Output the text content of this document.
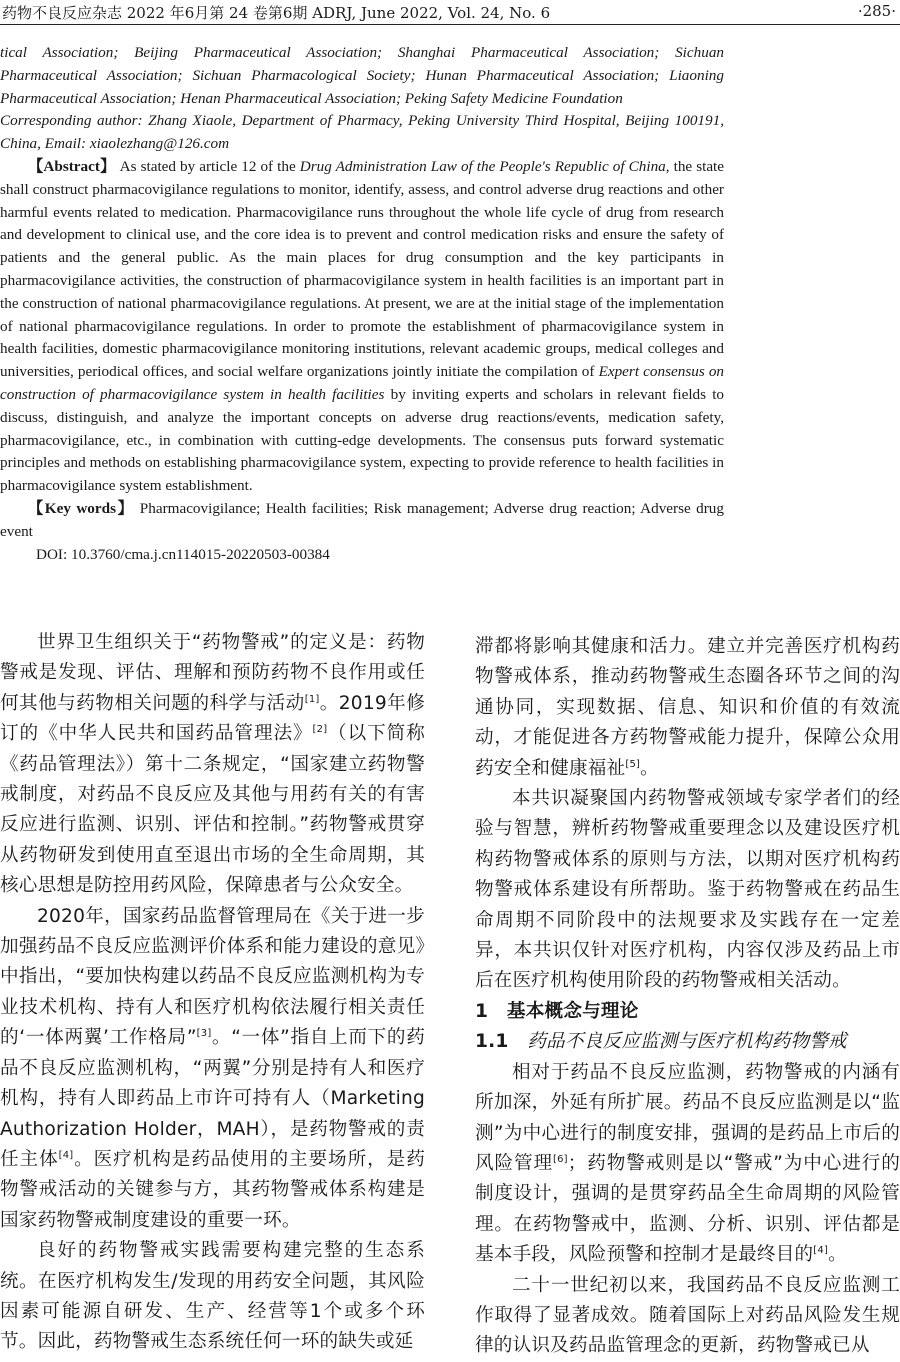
药物不良反应杂志 2022 年6月第 24 卷第6期 ADRJ, June 2022, Vol. 24, No. 6	·285·

tical Association; Beijing Pharmaceutical Association; Shanghai Pharmaceutical Association; Sichuan Pharmaceutical Association; Sichuan Pharmacological Society; Hunan Pharmaceutical Association; Liaoning Pharmaceutical Association; Henan Pharmaceutical Association; Peking Safety Medicine Foundation

Corresponding author: Zhang Xiaole, Department of Pharmacy, Peking University Third Hospital, Beijing 100191, China, Email: xiaolezhang@126.com

【Abstract】 As stated by article 12 of the Drug Administration Law of the People's Republic of China, the state shall construct pharmacovigilance regulations to monitor, identify, assess, and control adverse drug reactions and other harmful events related to medication. Pharmacovigilance runs throughout the whole life cycle of drug from research and development to clinical use, and the core idea is to prevent and control medication risks and ensure the safety of patients and the general public. As the main places for drug consumption and the key participants in pharmacovigilance activities, the construction of pharmacovigilance system in health facilities is an important part in the construction of national pharmacovigilance regulations. At present, we are at the initial stage of the implementation of national pharmacovigilance regulations. In order to promote the establishment of pharmacovigilance system in health facilities, domestic pharmacovigilance monitoring institutions, relevant academic groups, medical colleges and universities, periodical offices, and social welfare organizations jointly initiate the compilation of Expert consensus on construction of pharmacovigilance system in health facilities by inviting experts and scholars in relevant fields to discuss, distinguish, and analyze the important concepts on adverse drug reactions/events, medication safety, pharmacovigilance, etc., in combination with cutting-edge developments. The consensus puts forward systematic principles and methods on establishing pharmacovigilance system, expecting to provide reference to health facilities in pharmacovigilance system establishment.

【Key words】 Pharmacovigilance; Health facilities; Risk management; Adverse drug reaction; Adverse drug event

DOI: 10.3760/cma.j.cn114015-20220503-00384

世界卫生组织关于“药物警戒”的定义是：药物警戒是发现、评估、理解和预防药物不良作用或任何其他与药物相关问题的科学与活动[1]。2019年修订的《中华人民共和国药品管理法》[2]（以下简称《药品管理法》）第十二条规定，“国家建立药物警戒制度，对药品不良反应及其他与用药有关的有害反应进行监测、识别、评估和控制。”药物警戒贯穿从药物研发到使用直至退出市场的全生命周期，其核心思想是防控用药风险，保障患者与公众安全。

2020年，国家药品监督管理局在《关于进一步加强药品不良反应监测评价体系和能力建设的意见》中指出，“要加快构建以药品不良反应监测机构为专业技术机构、持有人和医疗机构依法履行相关责任的‘一体两翼’工作格局”[3]。“一体”指自上而下的药品不良反应监测机构，“两翼”分别是持有人和医疗机构，持有人即药品上市许可持有人（Marketing Authorization Holder，MAH），是药物警戒的责任主体[4]。医疗机构是药品使用的主要场所，是药物警戒活动的关键参与方，其药物警戒体系构建是国家药物警戒制度建设的重要一环。

良好的药物警戒实践需要构建完整的生态系统。在医疗机构发生/发现的用药安全问题，其风险因素可能源自研发、生产、经营等1个或多个环节。因此，药物警戒生态系统任何一环的缺失或延

滞都将影响其健康和活力。建立并完善医疗机构药物警戒体系，推动药物警戒生态圈各环节之间的沟通协同，实现数据、信息、知识和价值的有效流动，才能促进各方药物警戒能力提升，保障公众用药安全和健康福祉[5]。

本共识凝聚国内药物警戒领域专家学者们的经验与智慧，辨析药物警戒重要理念以及建设医疗机构药物警戒体系的原则与方法，以期对医疗机构药物警戒体系建设有所帮助。鉴于药物警戒在药品生命周期不同阶段中的法规要求及实践存在一定差异，本共识仅针对医疗机构，内容仅涉及药品上市后在医疗机构使用阶段的药物警戒相关活动。

1　基本概念与理论

1.1　 药品不良反应监测与医疗机构药物警戒

相对于药品不良反应监测，药物警戒的内涵有所加深，外延有所扩展。药品不良反应监测是以“监测”为中心进行的制度安排，强调的是药品上市后的风险管理[6]；药物警戒则是以“警戒”为中心进行的制度设计，强调的是贯穿药品全生命周期的风险管理。在药物警戒中，监测、分析、识别、评估都是基本手段，风险预警和控制才是最终目的[4]。

二十一世纪初以来，我国药品不良反应监测工作取得了显著成效。随着国际上对药品风险发生规律的认识及药品监管理念的更新，药物警戒已从
